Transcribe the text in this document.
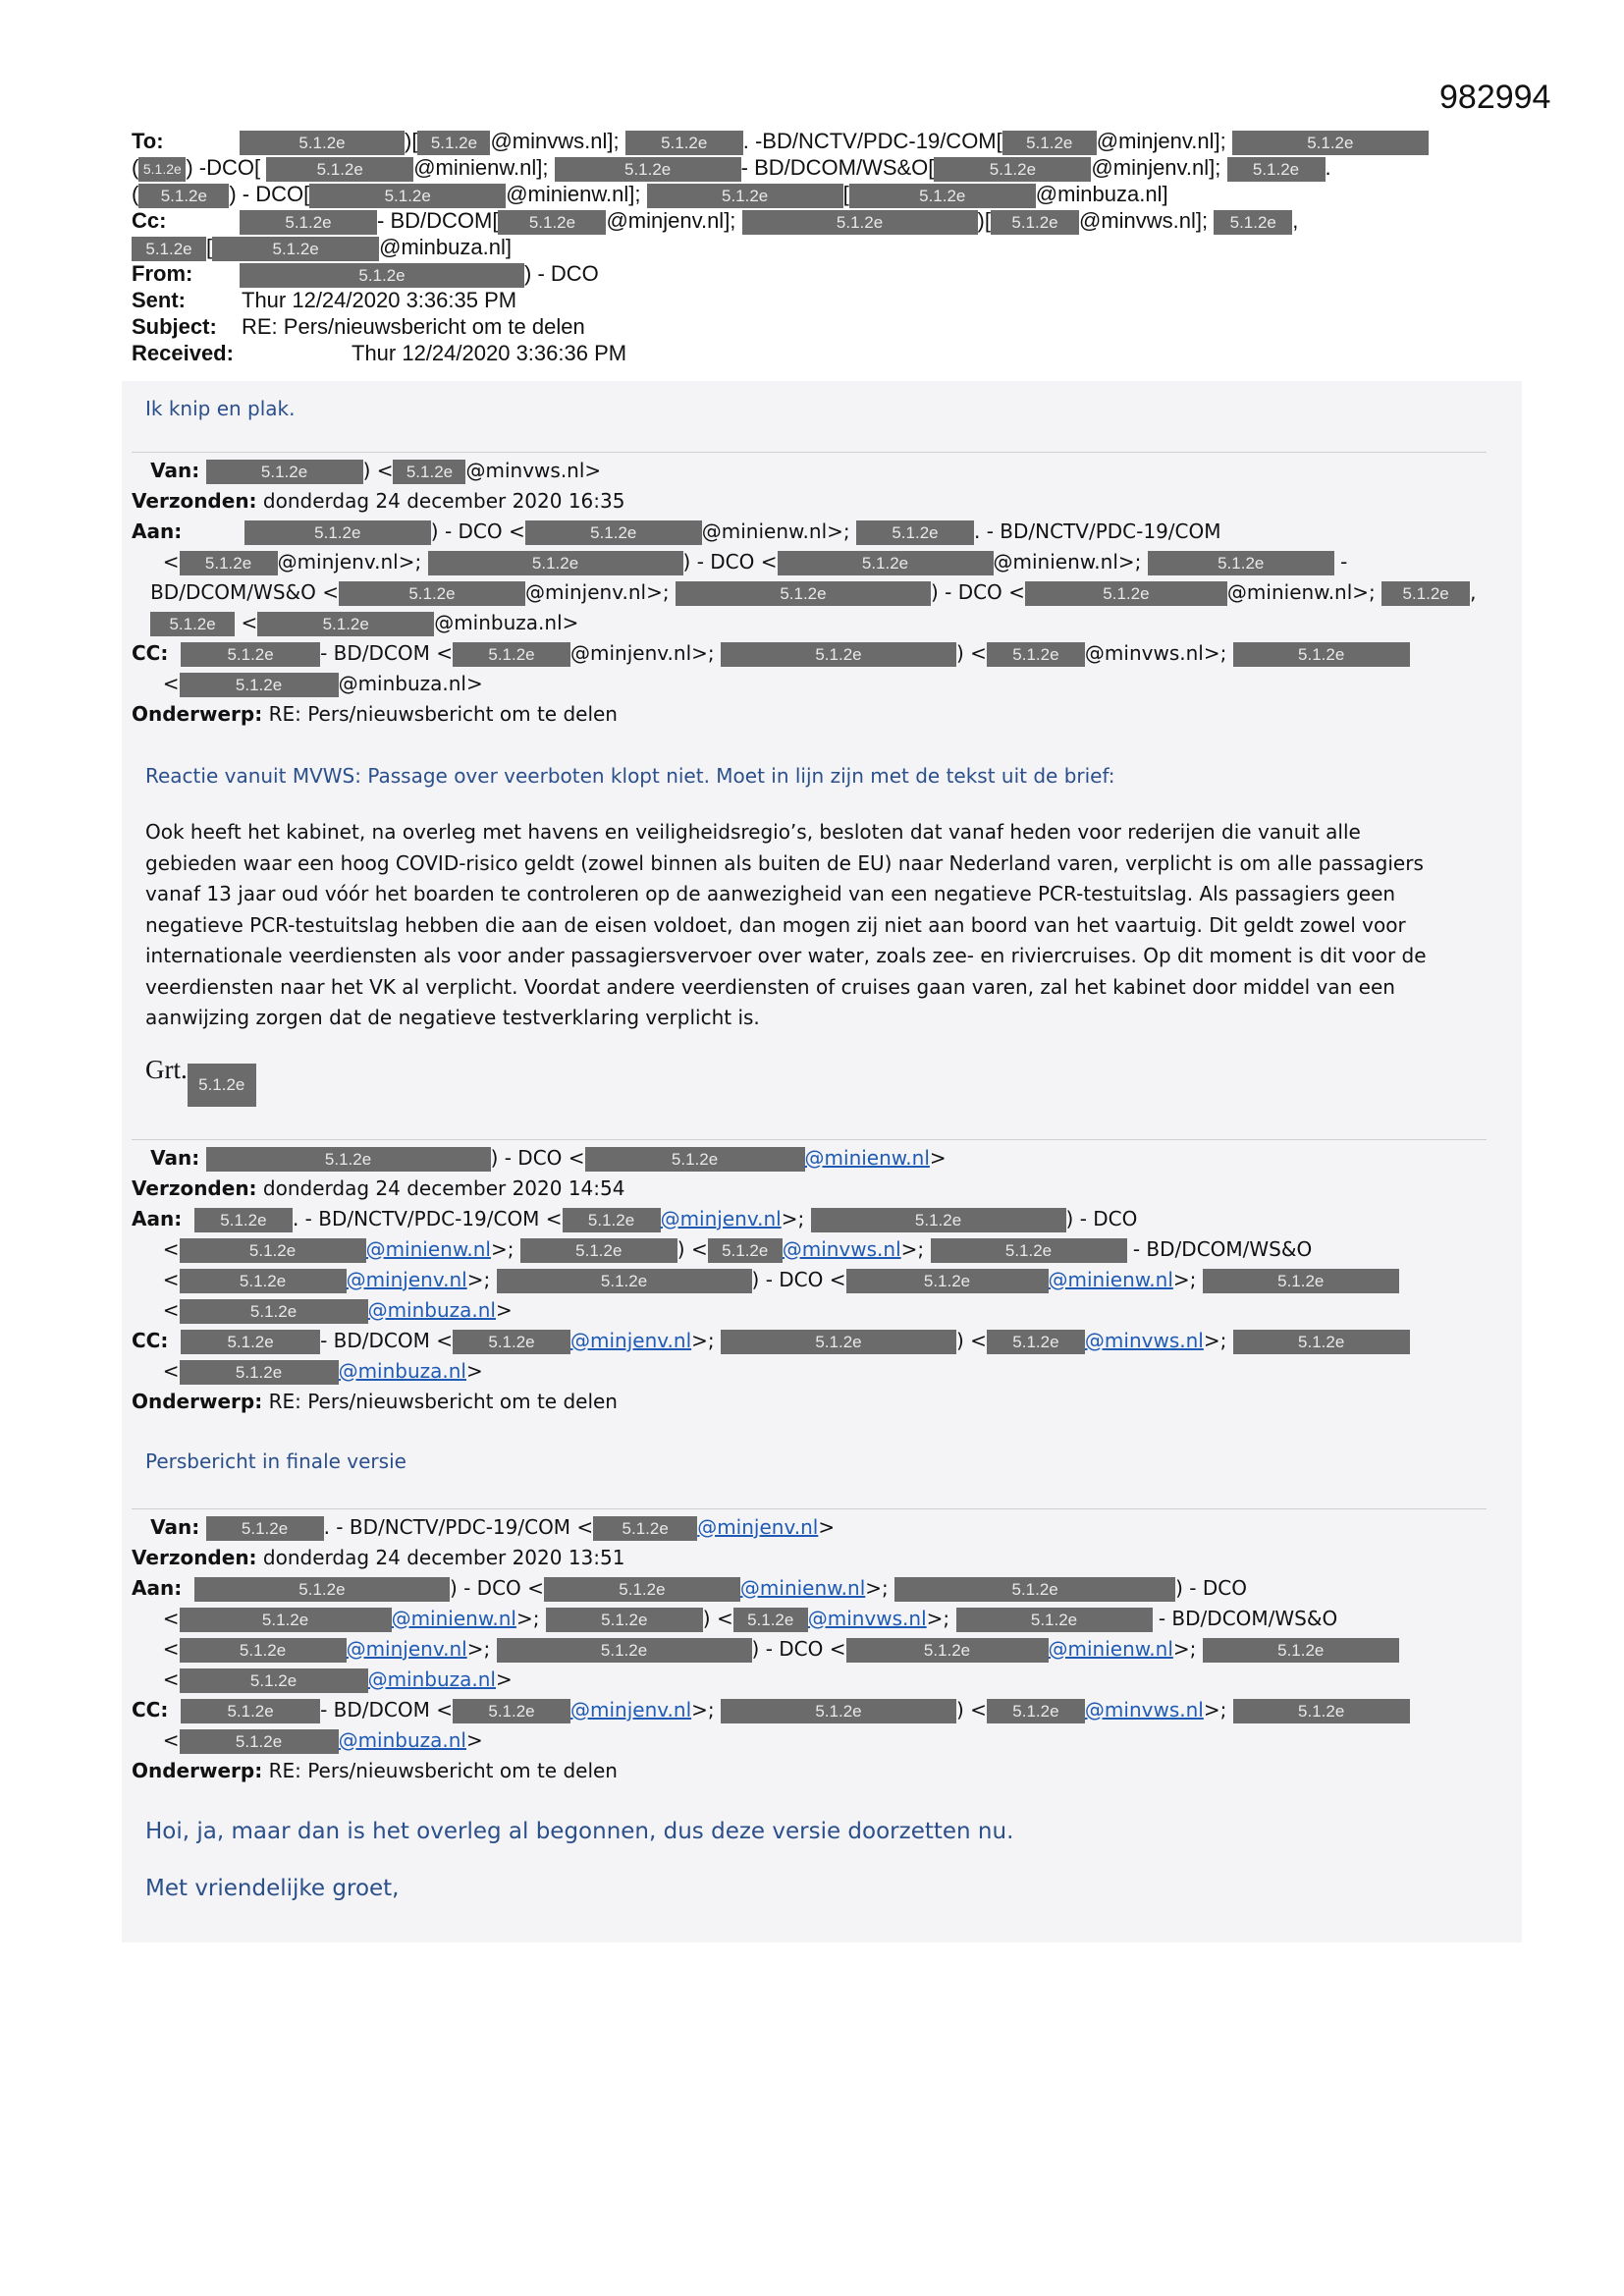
982994
To:	5.1.2e	)[ 5.1.2e @minvws.nl]; 5.1.2e . -BD/NCTV/PDC-19/COM[ 5.1.2e @minjenv.nl];	5.1.2e
( 5.1.2e ) -DCO[	5.1.2e @minienw.nl];	5.1.2e	- BD/DCOM/WS&O[	5.1.2e	@minjenv.nl]; 5.1.2e .
( 5.1.2e ) - DCO[	5.1.2e	@minienw.nl];	5.1.2e	[	5.1.2e	@minbuza.nl]
Cc:	5.1.2e - BD/DCOM[ 5.1.2e @minjenv.nl];	5.1.2e	)[ 5.1.2e @minvws.nl]; 5.1.2e ,
5.1.2e [	5.1.2e	@minbuza.nl]
From:	5.1.2e	) - DCO
Sent:	Thur 12/24/2020 3:36:35 PM
Subject: RE: Pers/nieuwsbericht om te delen
Received:	Thur 12/24/2020 3:36:36 PM
Ik knip en plak.
Van:	5.1.2e	) < 5.1.2e @minvws.nl>
Verzonden: donderdag 24 december 2020 16:35
Aan:	5.1.2e	) - DCO <	5.1.2e	@minienw.nl>;	5.1.2e . - BD/NCTV/PDC-19/COM
< 5.1.2e @minjenv.nl>;	5.1.2e	) - DCO <	5.1.2e	@minienw.nl>;	5.1.2e	-
BD/DCOM/WS&O <	5.1.2e	@minjenv.nl>;	5.1.2e	) - DCO <	5.1.2e	@minienw.nl>; 5.1.2e ,
5.1.2e <	5.1.2e	@minbuza.nl>
CC:	5.1.2e - BD/DCOM < 5.1.2e @minjenv.nl>;	5.1.2e	) < 5.1.2e @minvws.nl>;	5.1.2e
<	5.1.2e	@minbuza.nl>
Onderwerp: RE: Pers/nieuwsbericht om te delen
Reactie vanuit MVWS: Passage over veerboten klopt niet. Moet in lijn zijn met de tekst uit de brief:
Ook heeft het kabinet, na overleg met havens en veiligheidsregio’s, besloten dat vanaf heden voor rederijen die vanuit alle
gebieden waar een hoog COVID-risico geldt (zowel binnen als buiten de EU) naar Nederland varen, verplicht is om alle passagiers
vanaf 13 jaar oud vóór het boarden te controleren op de aanwezigheid van een negatieve PCR-testuitslag. Als passagiers geen
negatieve PCR-testuitslag hebben die aan de eisen voldoet, dan mogen zij niet aan boord van het vaartuig. Dit geldt zowel voor
internationale veerdiensten als voor ander passagiersvervoer over water, zoals zee- en riviercruises. Op dit moment is dit voor de
veerdiensten naar het VK al verplicht. Voordat andere veerdiensten of cruises gaan varen, zal het kabinet door middel van een
aanwijzing zorgen dat de negatieve testverklaring verplicht is.
Grt.5.1.2e
Van:	5.1.2e	) - DCO <	5.1.2e	@minienw.nl>
Verzonden: donderdag 24 december 2020 14:54
Aan: 5.1.2e . - BD/NCTV/PDC-19/COM < 5.1.2e @minjenv.nl>;	5.1.2e	) - DCO
<	5.1.2e	@minienw.nl>;	5.1.2e	) < 5.1.2e @minvws.nl>;	5.1.2e	- BD/DCOM/WS&O
<	5.1.2e	@minjenv.nl>;	5.1.2e	) - DCO <	5.1.2e	@minienw.nl>;	5.1.2e
<	5.1.2e	@minbuza.nl>
CC:	5.1.2e - BD/DCOM < 5.1.2e @minjenv.nl>;	5.1.2e	) < 5.1.2e @minvws.nl>;	5.1.2e
<	5.1.2e	@minbuza.nl>
Onderwerp: RE: Pers/nieuwsbericht om te delen
Persbericht in finale versie
Van:	5.1.2e . - BD/NCTV/PDC-19/COM < 5.1.2e @minjenv.nl>
Verzonden: donderdag 24 december 2020 13:51
Aan:	5.1.2e	) - DCO <	5.1.2e	@minienw.nl>;	5.1.2e	) - DCO
<	5.1.2e	@minienw.nl>;	5.1.2e	) < 5.1.2e @minvws.nl>;	5.1.2e	- BD/DCOM/WS&O
<	5.1.2e	@minjenv.nl>;	5.1.2e	) - DCO <	5.1.2e	@minienw.nl>;	5.1.2e
<	5.1.2e	@minbuza.nl>
CC:	5.1.2e - BD/DCOM < 5.1.2e @minjenv.nl>;	5.1.2e	) < 5.1.2e @minvws.nl>;	5.1.2e
<	5.1.2e	@minbuza.nl>
Onderwerp: RE: Pers/nieuwsbericht om te delen
Hoi, ja, maar dan is het overleg al begonnen, dus deze versie doorzetten nu.
Met vriendelijke groet,
